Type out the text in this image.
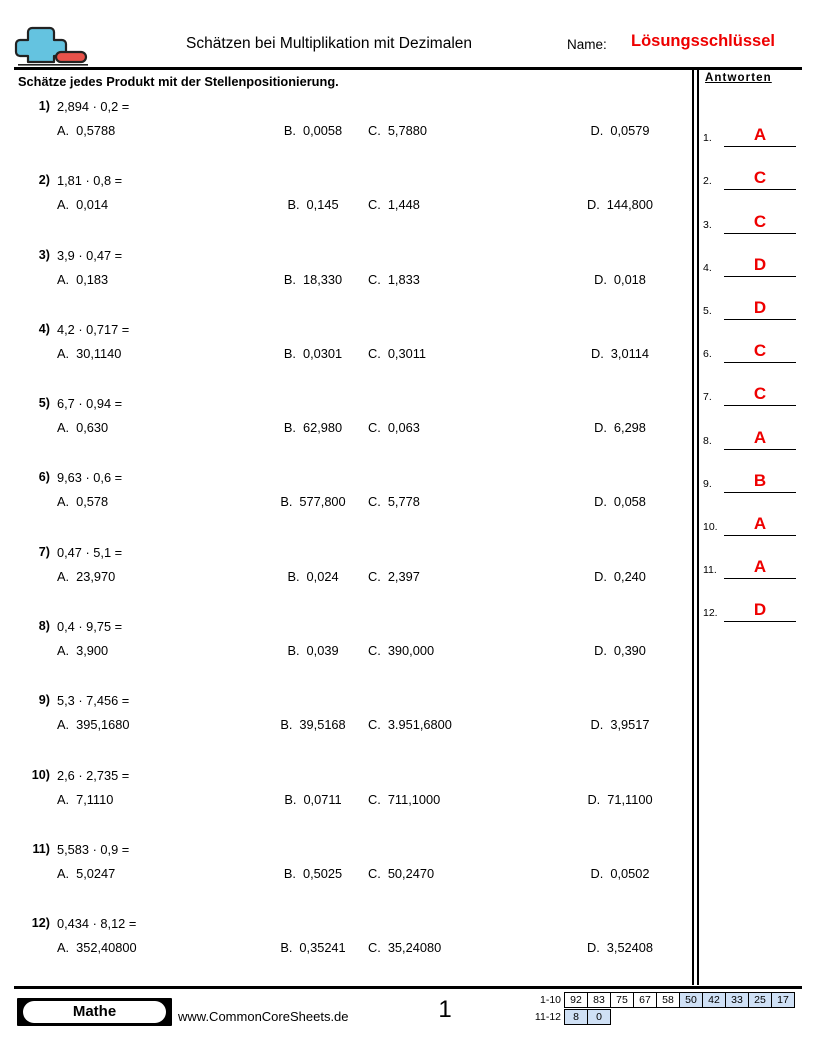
Schätzen bei Multiplikation mit Dezimalen	Name: Lösungsschlüssel
Schätze jedes Produkt mit der Stellenpositionierung.
1) 2,894 · 0,2 =
A. 0,5788	B. 0,0058	C. 5,7880	D. 0,0579
2) 1,81 · 0,8 =
A. 0,014	B. 0,145	C. 1,448	D. 144,800
3) 3,9 · 0,47 =
A. 0,183	B. 18,330	C. 1,833	D. 0,018
4) 4,2 · 0,717 =
A. 30,1140	B. 0,0301	C. 0,3011	D. 3,0114
5) 6,7 · 0,94 =
A. 0,630	B. 62,980	C. 0,063	D. 6,298
6) 9,63 · 0,6 =
A. 0,578	B. 577,800	C. 5,778	D. 0,058
7) 0,47 · 5,1 =
A. 23,970	B. 0,024	C. 2,397	D. 0,240
8) 0,4 · 9,75 =
A. 3,900	B. 0,039	C. 390,000	D. 0,390
9) 5,3 · 7,456 =
A. 395,1680	B. 39,5168	C. 3.951,6800	D. 3,9517
10) 2,6 · 2,735 =
A. 7,1110	B. 0,0711	C. 711,1000	D. 71,1100
11) 5,583 · 0,9 =
A. 5,0247	B. 0,5025	C. 50,2470	D. 0,0502
12) 0,434 · 8,12 =
A. 352,40800	B. 0,35241	C. 35,24080	D. 3,52408
Antworten
1.	A
2.	C
3.	C
4.	D
5.	D
6.	C
7.	C
8.	A
9.	B
10.	A
11.	A
12.	D
Mathe	www.CommonCoreSheets.de	1	1-10 92	83	75	67	58	50	42	33	25	17
11-12	8	0
